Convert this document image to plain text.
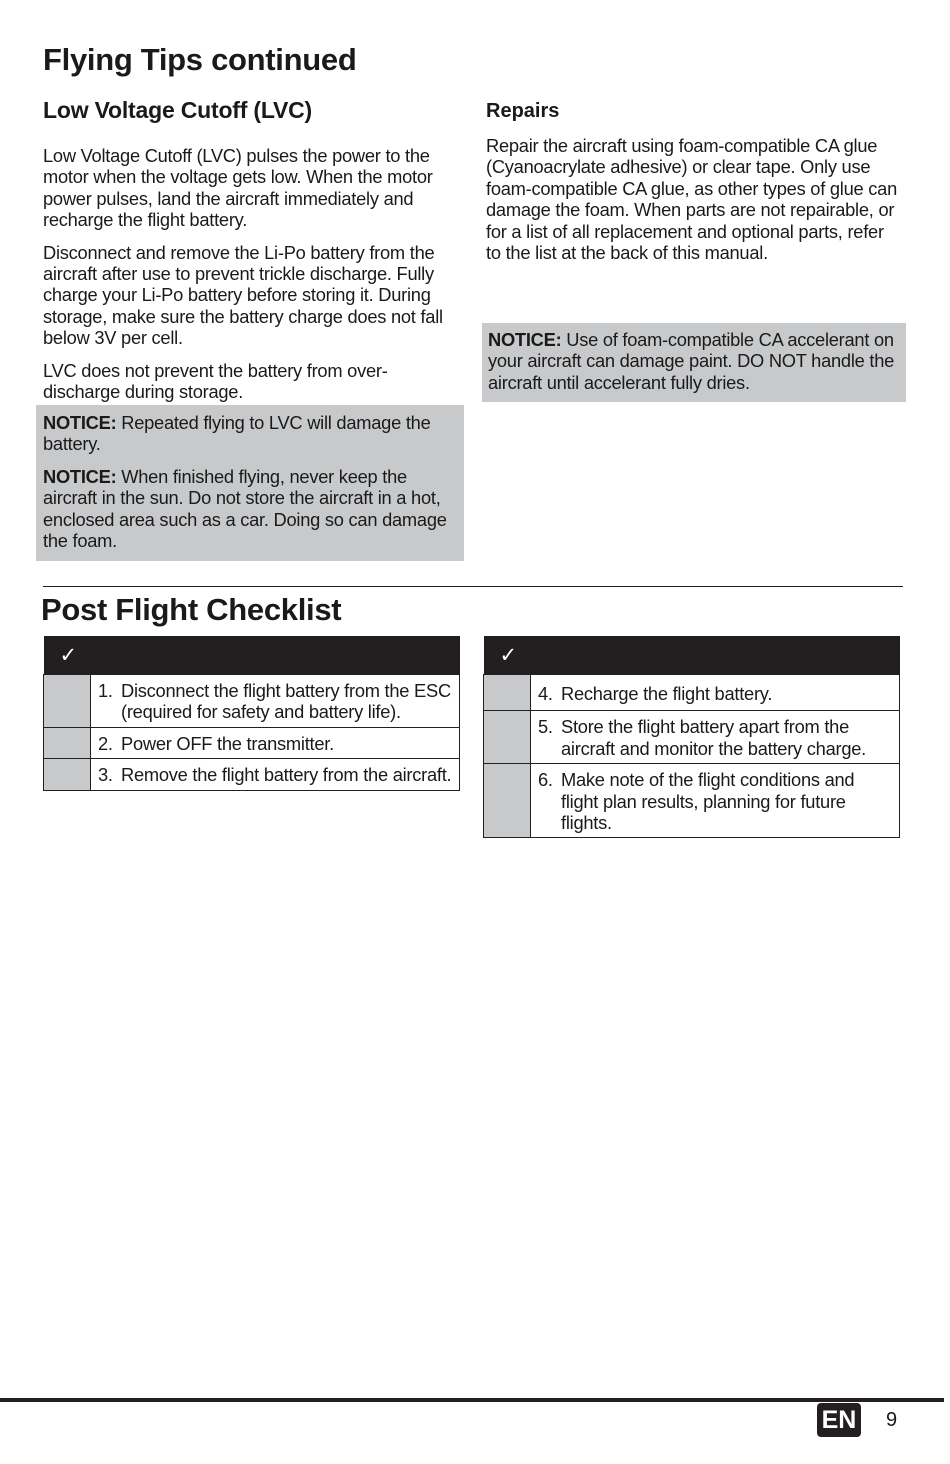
Flying Tips continued
Low Voltage Cutoff (LVC)

Low Voltage Cutoff (LVC) pulses the power to the motor when the voltage gets low. When the motor power pulses, land the aircraft immediately and recharge the flight battery.

Disconnect and remove the Li-Po battery from the aircraft after use to prevent trickle discharge. Fully charge your Li-Po battery before storing it. During storage, make sure the battery charge does not fall below 3V per cell.

LVC does not prevent the battery from over-discharge during storage.

NOTICE: Repeated flying to LVC will damage the battery.

NOTICE: When finished flying, never keep the aircraft in the sun. Do not store the aircraft in a hot, enclosed area such as a car. Doing so can damage the foam.

Repairs
Repair the aircraft using foam-compatible CA glue (Cyanoacrylate adhesive) or clear tape. Only use foam-compatible CA glue, as other types of glue can damage the foam. When parts are not repairable, or for a list of all replacement and optional parts, refer to the list at the back of this manual.

NOTICE: Use of foam-compatible CA accelerant on your aircraft can damage paint. DO NOT handle the aircraft until accelerant fully dries.

Post Flight Checklist
✓	

	1. Disconnect the flight battery from the ESC (required for safety and battery life).

	2. Power OFF the transmitter.

	3. Remove the flight battery from the aircraft.
✓	

	4. Recharge the flight battery.

	5. Store the flight battery apart from the aircraft and monitor the battery charge.

	6. Make note of the flight conditions and flight plan results, planning for future flights.
EN 9
